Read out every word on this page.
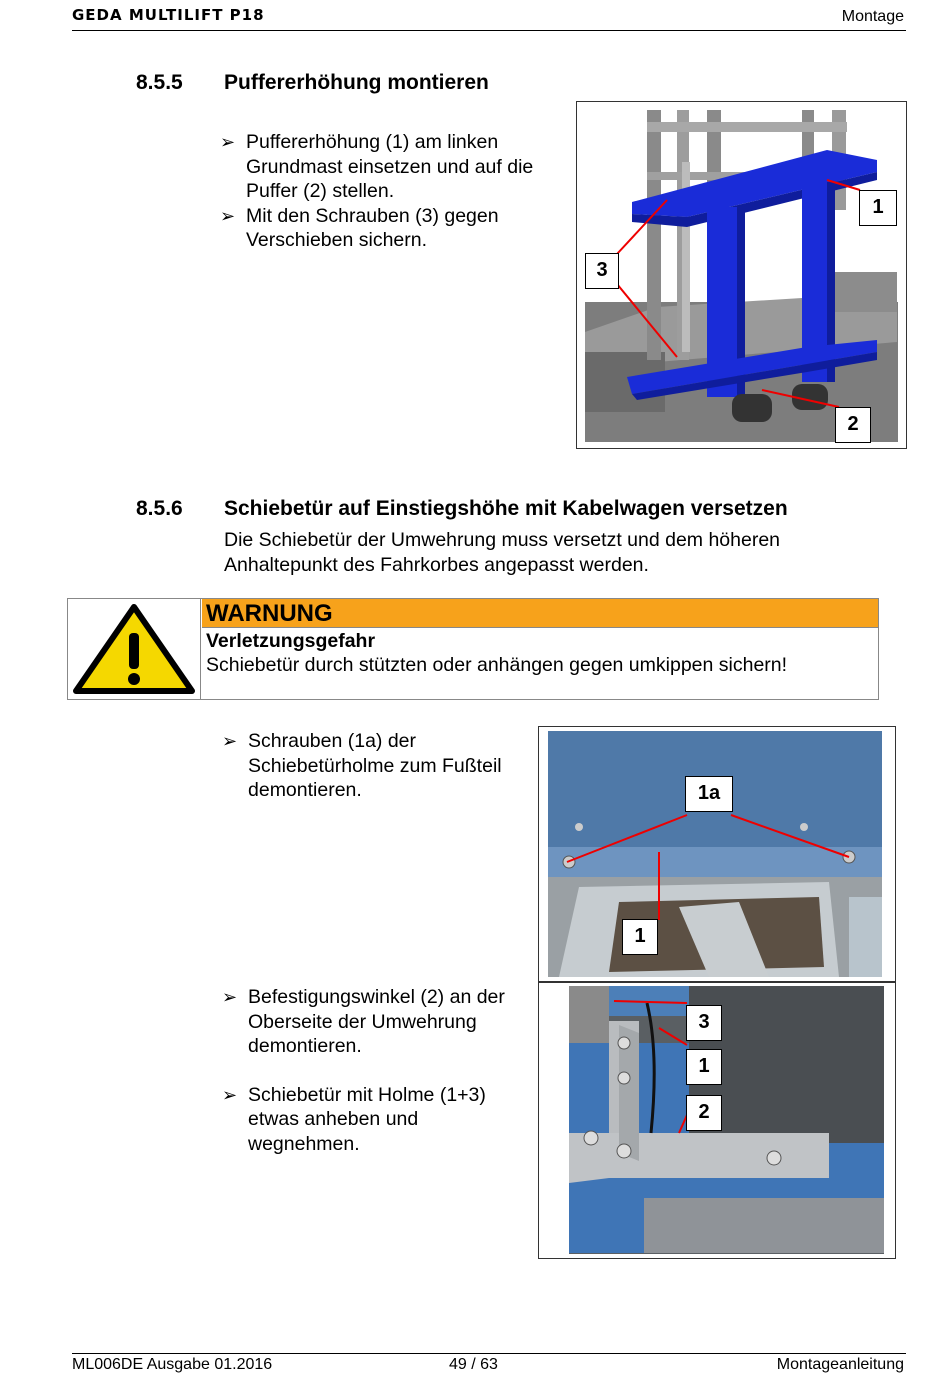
GEDA MULTILIFT P18	Montage
8.5.5 Puffererhöhung montieren
➢ Puffererhöhung (1) am linken Grundmast einsetzen und auf die Puffer (2) stellen.
➢ Mit den Schrauben (3) gegen Verschieben sichern.
1
3
2
8.5.6 Schiebetür auf Einstiegshöhe mit Kabelwagen versetzen
Die Schiebetür der Umwehrung muss versetzt und dem höheren Anhaltepunkt des Fahrkorbes angepasst werden.
WARNUNG
Verletzungsgefahr
Schiebetür durch stützten oder anhängen gegen umkippen sichern!
➢ Schrauben (1a) der Schiebetürholme zum Fußteil demontieren.	1a
1
➢ Befestigungswinkel (2) an der Oberseite der Umwehrung demontieren.
➢ Schiebetür mit Holme (1+3) etwas anheben und wegnehmen.
3
1
2
ML006DE Ausgabe 01.2016	49 / 63	Montageanleitung
